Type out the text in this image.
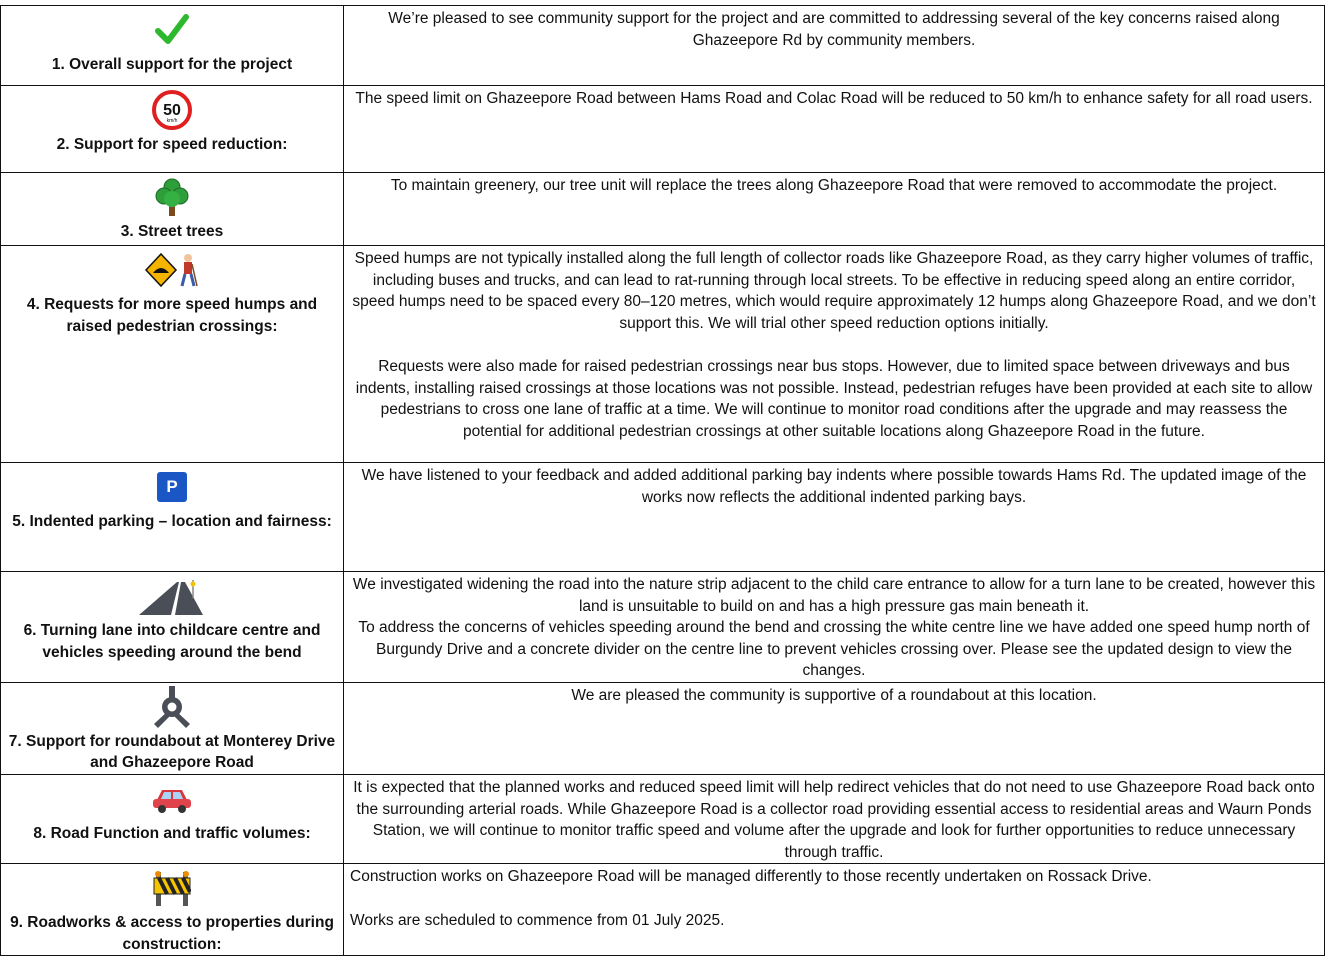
1. Overall support for the project	We’re pleased to see community support for the project and are committed to addressing several of the key concerns raised along Ghazeepore Rd by community members.

50
km/h
2. Support for speed reduction:	The speed limit on Ghazeepore Road between Hams Road and Colac Road will be reduced to 50 km/h to enhance safety for all road users.

3. Street trees	To maintain greenery, our tree unit will replace the trees along Ghazeepore Road that were removed to accommodate the project.

4. Requests for more speed humps and raised pedestrian crossings:	Speed humps are not typically installed along the full length of collector roads like Ghazeepore Road, as they carry higher volumes of traffic, including buses and trucks, and can lead to rat-running through local streets. To be effective in reducing speed along an entire corridor, speed humps need to be spaced every 80–120 metres, which would require approximately 12 humps along Ghazeepore Road, and we don’t support this. We will trial other speed reduction options initially.

Requests were also made for raised pedestrian crossings near bus stops. However, due to limited space between driveways and bus indents, installing raised crossings at those locations was not possible. Instead, pedestrian refuges have been provided at each site to allow pedestrians to cross one lane of traffic at a time. We will continue to monitor road conditions after the upgrade and may reassess the potential for additional pedestrian crossings at other suitable locations along Ghazeepore Road in the future.

P
5. Indented parking – location and fairness:	We have listened to your feedback and added additional parking bay indents where possible towards Hams Rd. The updated image of the works now reflects the additional indented parking bays.

6. Turning lane into childcare centre and vehicles speeding around the bend	We investigated widening the road into the nature strip adjacent to the child care entrance to allow for a turn lane to be created, however this land is unsuitable to build on and has a high pressure gas main beneath it.

To address the concerns of vehicles speeding around the bend and crossing the white centre line we have added one speed hump north of Burgundy Drive and a concrete divider on the centre line to prevent vehicles crossing over. Please see the updated design to view the changes.

7. Support for roundabout at Monterey Drive and Ghazeepore Road	We are pleased the community is supportive of a roundabout at this location.

8. Road Function and traffic volumes:	It is expected that the planned works and reduced speed limit will help redirect vehicles that do not need to use Ghazeepore Road back onto the surrounding arterial roads. While Ghazeepore Road is a collector road providing essential access to residential areas and Waurn Ponds Station, we will continue to monitor traffic speed and volume after the upgrade and look for further opportunities to reduce unnecessary through traffic.

9. Roadworks & access to properties during construction:	Construction works on Ghazeepore Road will be managed differently to those recently undertaken on Rossack Drive.

Works are scheduled to commence from 01 July 2025.
